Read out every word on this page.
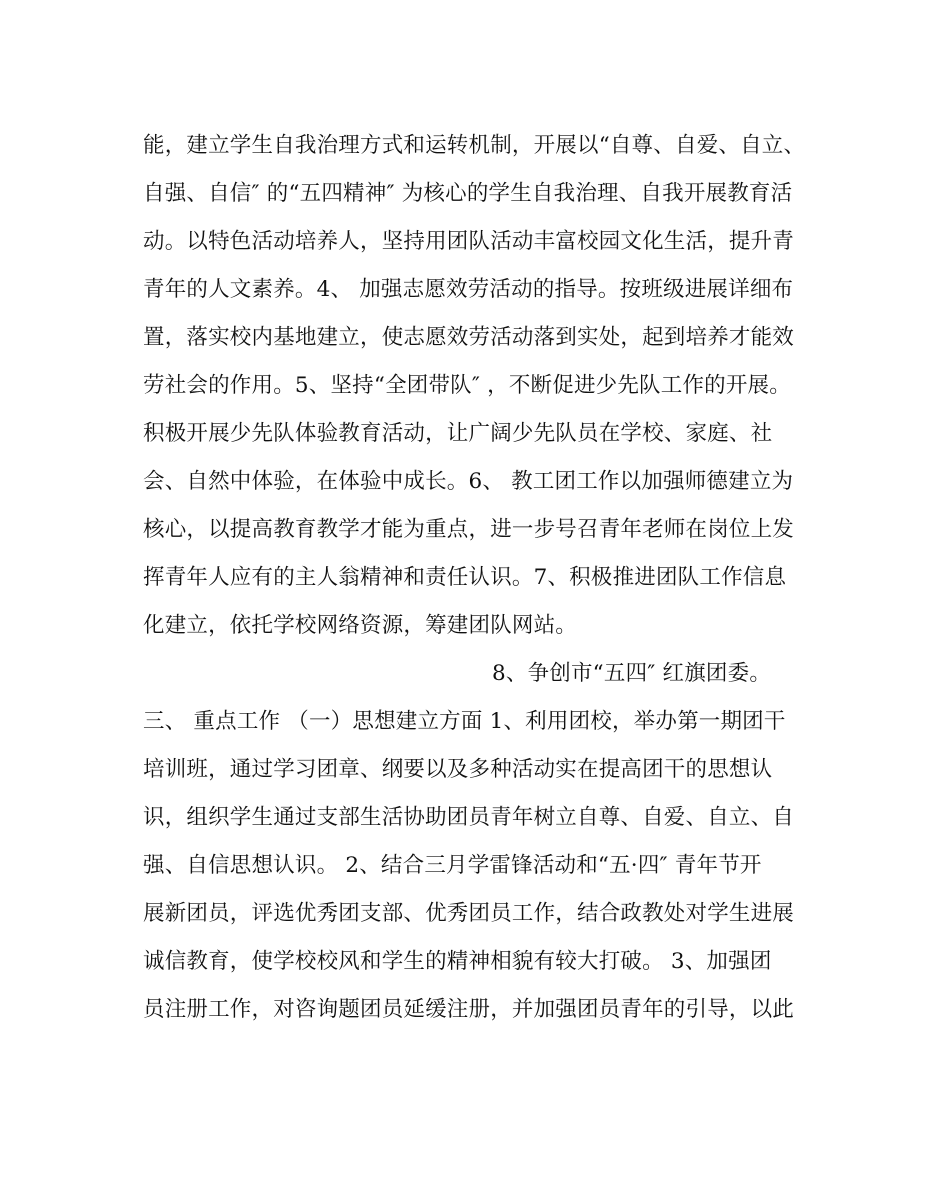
能，建立学生自我治理方式和运转机制，开展以“自尊、自爱、自立、
自强、自信″ 的“五四精神″ 为核心的学生自我治理、自我开展教育活
动。以特色活动培养人，坚持用团队活动丰富校园文化生活，提升青
青年的人文素养。4、 加强志愿效劳活动的指导。按班级进展详细布
置，落实校内基地建立，使志愿效劳活动落到实处，起到培养才能效
劳社会的作用。5、坚持“全团带队″ ，不断促进少先队工作的开展。
积极开展少先队体验教育活动，让广阔少先队员在学校、家庭、社
会、自然中体验，在体验中成长。6、 教工团工作以加强师德建立为
核心，以提高教育教学才能为重点，进一步号召青年老师在岗位上发
挥青年人应有的主人翁精神和责任认识。7、积极推进团队工作信息
化建立，依托学校网络资源，筹建团队网站。
8、争创市“五四″ 红旗团委。
三、 重点工作 （一）思想建立方面 1、利用团校，举办第一期团干
培训班，通过学习团章、纲要以及多种活动实在提高团干的思想认
识，组织学生通过支部生活协助团员青年树立自尊、自爱、自立、自
强、自信思想认识。 2、结合三月学雷锋活动和“五·四″ 青年节开
展新团员，评选优秀团支部、优秀团员工作，结合政教处对学生进展
诚信教育，使学校校风和学生的精神相貌有较大打破。 3、加强团
员注册工作，对咨询题团员延缓注册，并加强团员青年的引导，以此
